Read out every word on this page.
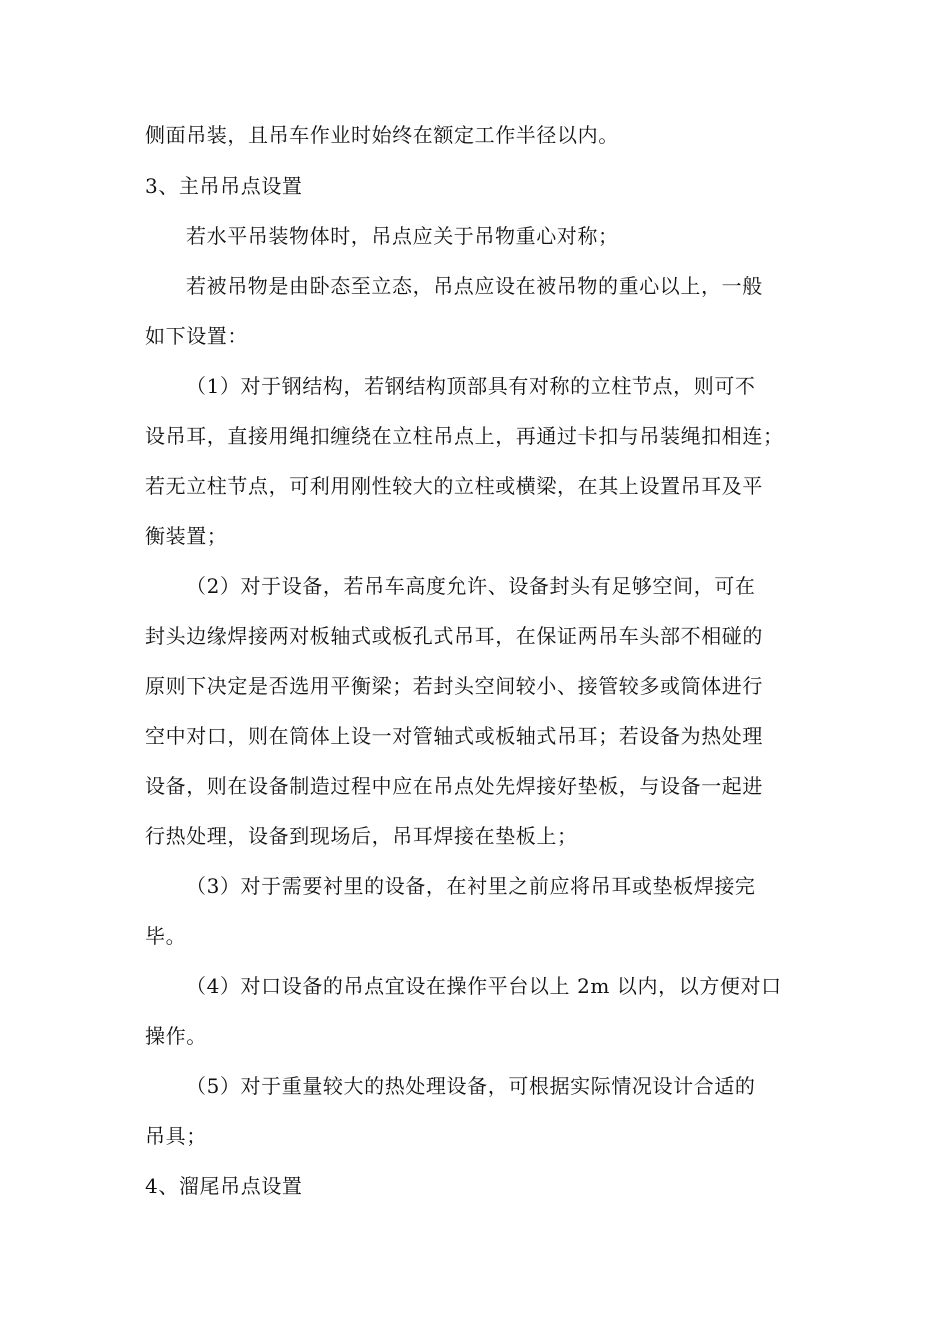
侧面吊装，且吊车作业时始终在额定工作半径以内。
3、主吊吊点设置
若水平吊装物体时，吊点应关于吊物重心对称；
若被吊物是由卧态至立态，吊点应设在被吊物的重心以上，一般
如下设置：
（1）对于钢结构，若钢结构顶部具有对称的立柱节点，则可不
设吊耳，直接用绳扣缠绕在立柱吊点上，再通过卡扣与吊装绳扣相连；
若无立柱节点，可利用刚性较大的立柱或横梁，在其上设置吊耳及平
衡装置；
（2）对于设备，若吊车高度允许、设备封头有足够空间，可在
封头边缘焊接两对板轴式或板孔式吊耳，在保证两吊车头部不相碰的
原则下决定是否选用平衡梁；若封头空间较小、接管较多或筒体进行
空中对口，则在筒体上设一对管轴式或板轴式吊耳；若设备为热处理
设备，则在设备制造过程中应在吊点处先焊接好垫板，与设备一起进
行热处理，设备到现场后，吊耳焊接在垫板上；
（3）对于需要衬里的设备，在衬里之前应将吊耳或垫板焊接完
毕。
（4）对口设备的吊点宜设在操作平台以上 2m 以内，以方便对口
操作。
（5）对于重量较大的热处理设备，可根据实际情况设计合适的
吊具；
4、溜尾吊点设置
